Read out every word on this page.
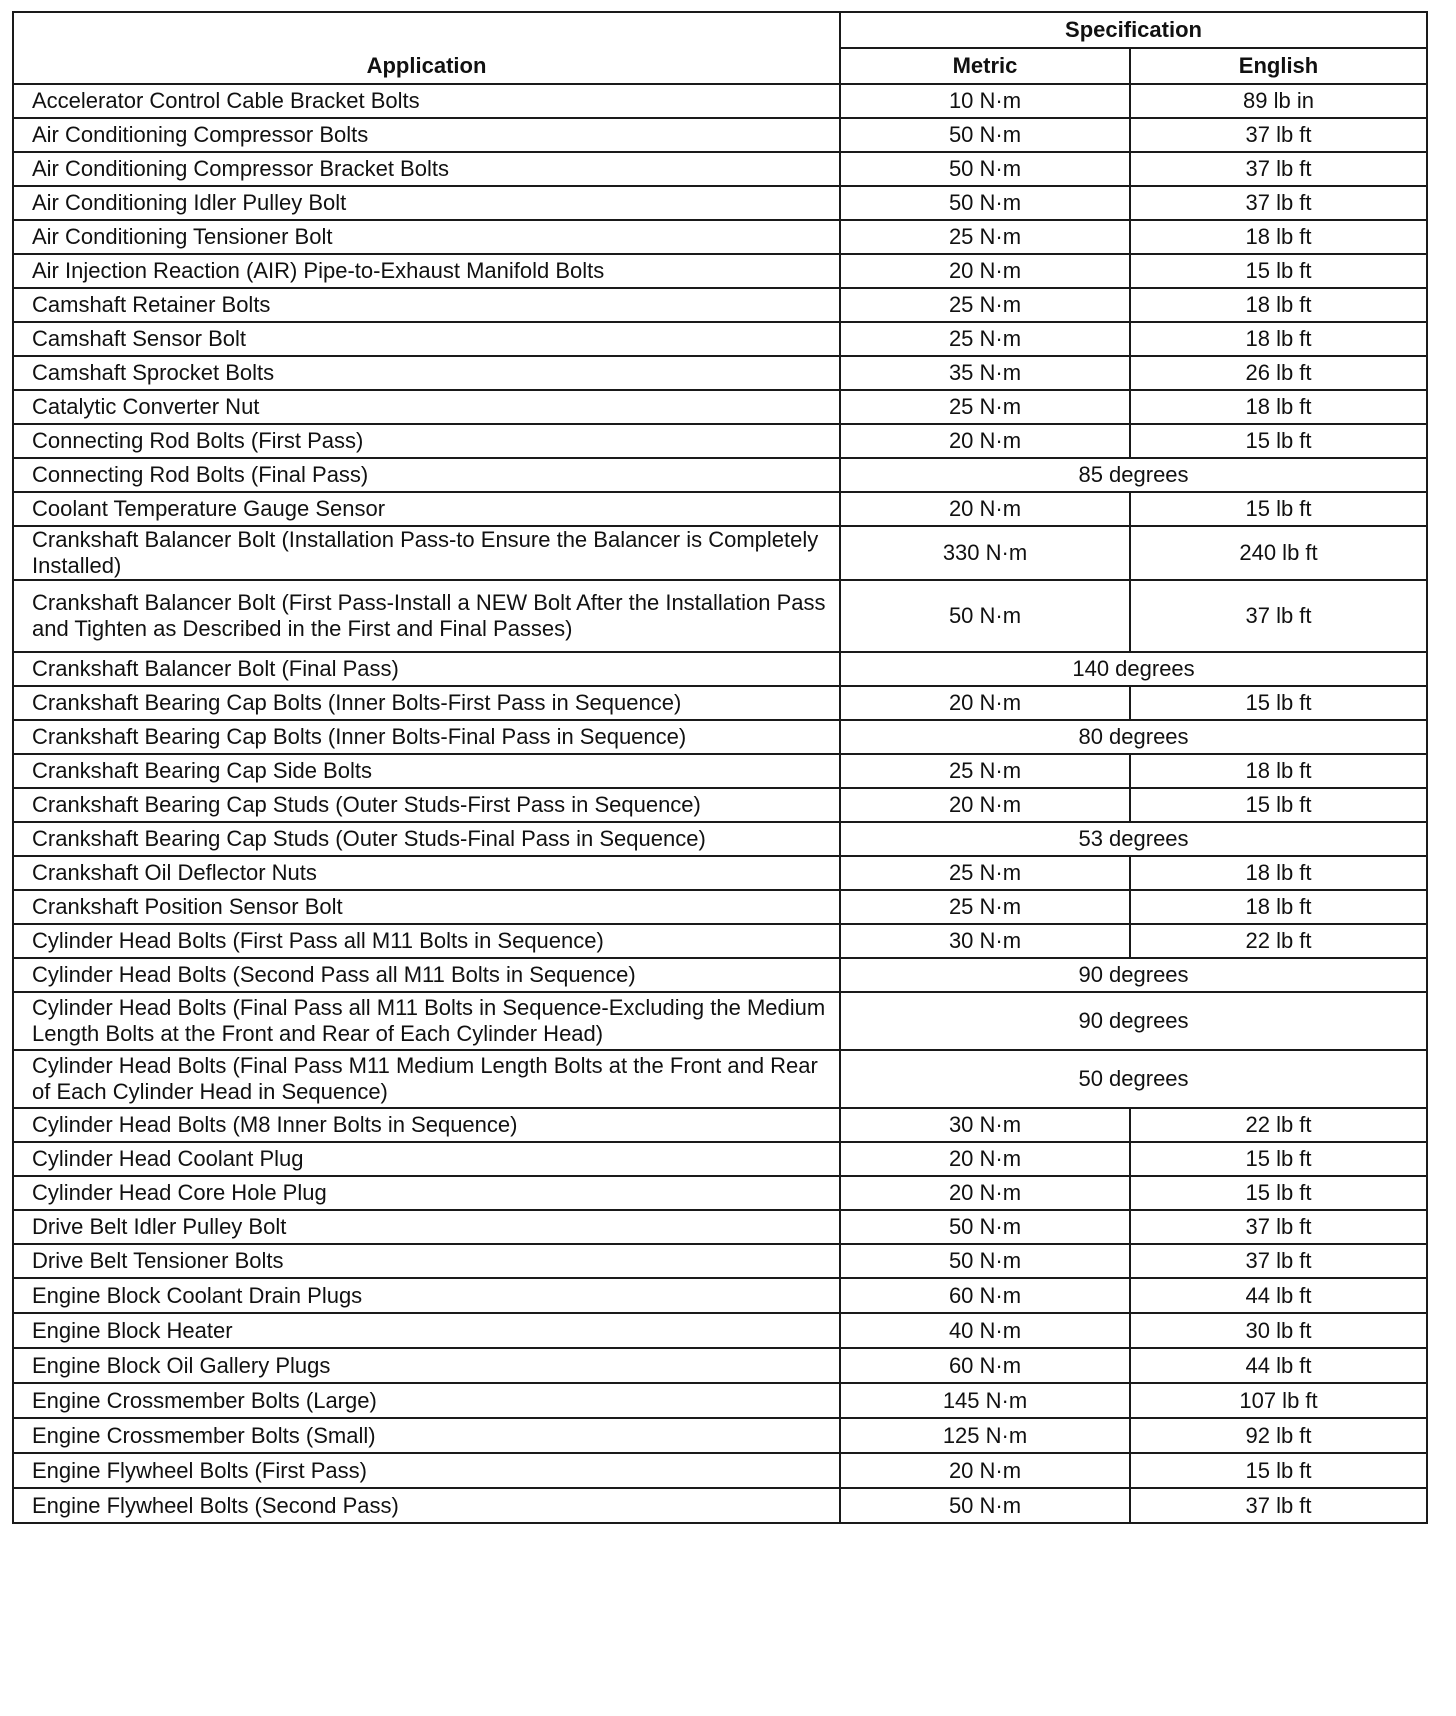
Application	Specification	
	Metric	English
Accelerator Control Cable Bracket Bolts	10 N·m	89 lb in
Air Conditioning Compressor Bolts	50 N·m	37 lb ft
Air Conditioning Compressor Bracket Bolts	50 N·m	37 lb ft
Air Conditioning Idler Pulley Bolt	50 N·m	37 lb ft
Air Conditioning Tensioner Bolt	25 N·m	18 lb ft
Air Injection Reaction (AIR) Pipe-to-Exhaust Manifold Bolts	20 N·m	15 lb ft
Camshaft Retainer Bolts	25 N·m	18 lb ft
Camshaft Sensor Bolt	25 N·m	18 lb ft
Camshaft Sprocket Bolts	35 N·m	26 lb ft
Catalytic Converter Nut	25 N·m	18 lb ft
Connecting Rod Bolts (First Pass)	20 N·m	15 lb ft
Connecting Rod Bolts (Final Pass)	85 degrees	
Coolant Temperature Gauge Sensor	20 N·m	15 lb ft
Crankshaft Balancer Bolt (Installation Pass-to Ensure the Balancer is Completely Installed)	330 N·m	240 lb ft
Crankshaft Balancer Bolt (First Pass-Install a NEW Bolt After the Installation Pass and Tighten as Described in the First and Final Passes)	50 N·m	37 lb ft
Crankshaft Balancer Bolt (Final Pass)	140 degrees	
Crankshaft Bearing Cap Bolts (Inner Bolts-First Pass in Sequence)	20 N·m	15 lb ft
Crankshaft Bearing Cap Bolts (Inner Bolts-Final Pass in Sequence)	80 degrees	
Crankshaft Bearing Cap Side Bolts	25 N·m	18 lb ft
Crankshaft Bearing Cap Studs (Outer Studs-First Pass in Sequence)	20 N·m	15 lb ft
Crankshaft Bearing Cap Studs (Outer Studs-Final Pass in Sequence)	53 degrees	
Crankshaft Oil Deflector Nuts	25 N·m	18 lb ft
Crankshaft Position Sensor Bolt	25 N·m	18 lb ft
Cylinder Head Bolts (First Pass all M11 Bolts in Sequence)	30 N·m	22 lb ft
Cylinder Head Bolts (Second Pass all M11 Bolts in Sequence)	90 degrees	
Cylinder Head Bolts (Final Pass all M11 Bolts in Sequence-Excluding the Medium Length Bolts at the Front and Rear of Each Cylinder Head)	90 degrees	
Cylinder Head Bolts (Final Pass M11 Medium Length Bolts at the Front and Rear of Each Cylinder Head in Sequence)	50 degrees	
Cylinder Head Bolts (M8 Inner Bolts in Sequence)	30 N·m	22 lb ft
Cylinder Head Coolant Plug	20 N·m	15 lb ft
Cylinder Head Core Hole Plug	20 N·m	15 lb ft
Drive Belt Idler Pulley Bolt	50 N·m	37 lb ft
Drive Belt Tensioner Bolts	50 N·m	37 lb ft
Engine Block Coolant Drain Plugs	60 N·m	44 lb ft
Engine Block Heater	40 N·m	30 lb ft
Engine Block Oil Gallery Plugs	60 N·m	44 lb ft
Engine Crossmember Bolts (Large)	145 N·m	107 lb ft
Engine Crossmember Bolts (Small)	125 N·m	92 lb ft
Engine Flywheel Bolts (First Pass)	20 N·m	15 lb ft
Engine Flywheel Bolts (Second Pass)	50 N·m	37 lb ft
